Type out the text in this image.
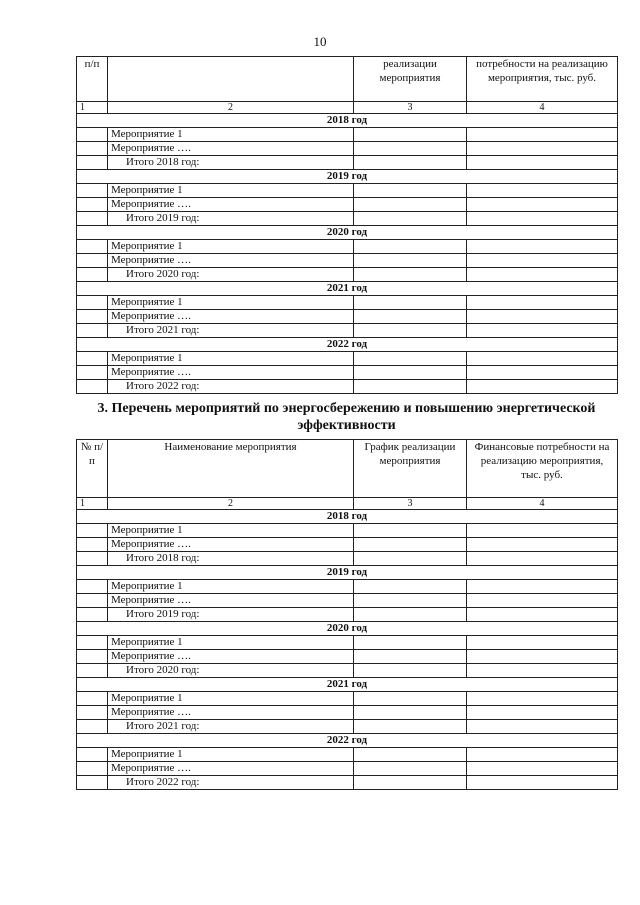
10
п/п		реализации мероприятия	потребности на реализацию мероприятия, тыс. руб.
1	2	3	4
2018 год			
	Мероприятие 1		
	Мероприятие ….		
	Итого 2018 год:		
2019 год			
	Мероприятие 1		
	Мероприятие ….		
	Итого 2019 год:		
2020 год			
	Мероприятие 1		
	Мероприятие ….		
	Итого 2020 год:		
2021 год			
	Мероприятие 1		
	Мероприятие ….		
	Итого 2021 год:		
2022 год			
	Мероприятие 1		
	Мероприятие ….		
	Итого 2022 год:		
3. Перечень мероприятий по энергосбережению и повышению энергетической эффективности
№ п/п	Наименование мероприятия	График реализации мероприятия	Финансовые потребности на реализацию мероприятия, тыс. руб.
1	2	3	4
2018 год			
	Мероприятие 1		
	Мероприятие ….		
	Итого 2018 год:		
2019 год			
	Мероприятие 1		
	Мероприятие ….		
	Итого 2019 год:		
2020 год			
	Мероприятие 1		
	Мероприятие ….		
	Итого 2020 год:		
2021 год			
	Мероприятие 1		
	Мероприятие ….		
	Итого 2021 год:		
2022 год			
	Мероприятие 1		
	Мероприятие ….		
	Итого 2022 год:		
